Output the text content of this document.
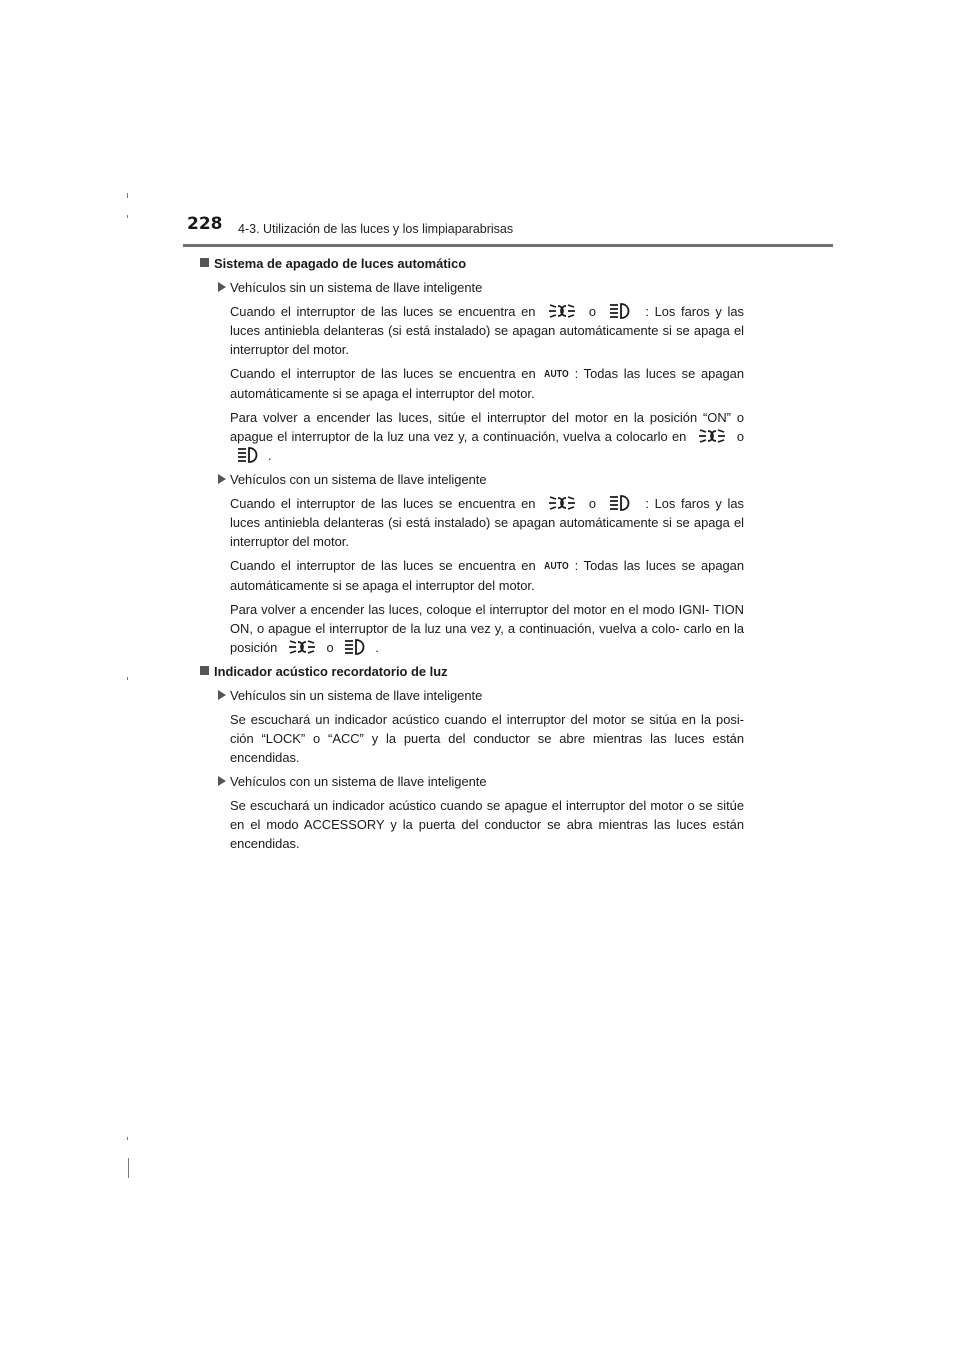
228 4-3. Utilización de las luces y los limpiaparabrisas
Sistema de apagado de luces automático
Vehículos sin un sistema de llave inteligente

Cuando el interruptor de las luces se encuentra en	o	: Los faros y las luces antiniebla delanteras (si está instalado) se apagan automáticamente si se apaga el interruptor del motor.

Cuando el interruptor de las luces se encuentra en AUTO : Todas las luces se apagan automáticamente si se apaga el interruptor del motor.

Para volver a encender las luces, sitúe el interruptor del motor en la posición “ON” o apague el interruptor de la luz una vez y, a continuación, vuelva a colocarlo en	o .

Vehículos con un sistema de llave inteligente

Cuando el interruptor de las luces se encuentra en	o	: Los faros y las luces antiniebla delanteras (si está instalado) se apagan automáticamente si se apaga el interruptor del motor.

Cuando el interruptor de las luces se encuentra en AUTO : Todas las luces se apagan automáticamente si se apaga el interruptor del motor.

Para volver a encender las luces, coloque el interruptor del motor en el modo IGNI- TION ON, o apague el interruptor de la luz una vez y, a continuación, vuelva a colo- carlo en la posición	o	.

Indicador acústico recordatorio de luz
Vehículos sin un sistema de llave inteligente

Se escuchará un indicador acústico cuando el interruptor del motor se sitúa en la posi- ción “LOCK” o “ACC” y la puerta del conductor se abre mientras las luces están encendidas.

Vehículos con un sistema de llave inteligente

Se escuchará un indicador acústico cuando se apague el interruptor del motor o se sitúe en el modo ACCESSORY y la puerta del conductor se abra mientras las luces están encendidas.
